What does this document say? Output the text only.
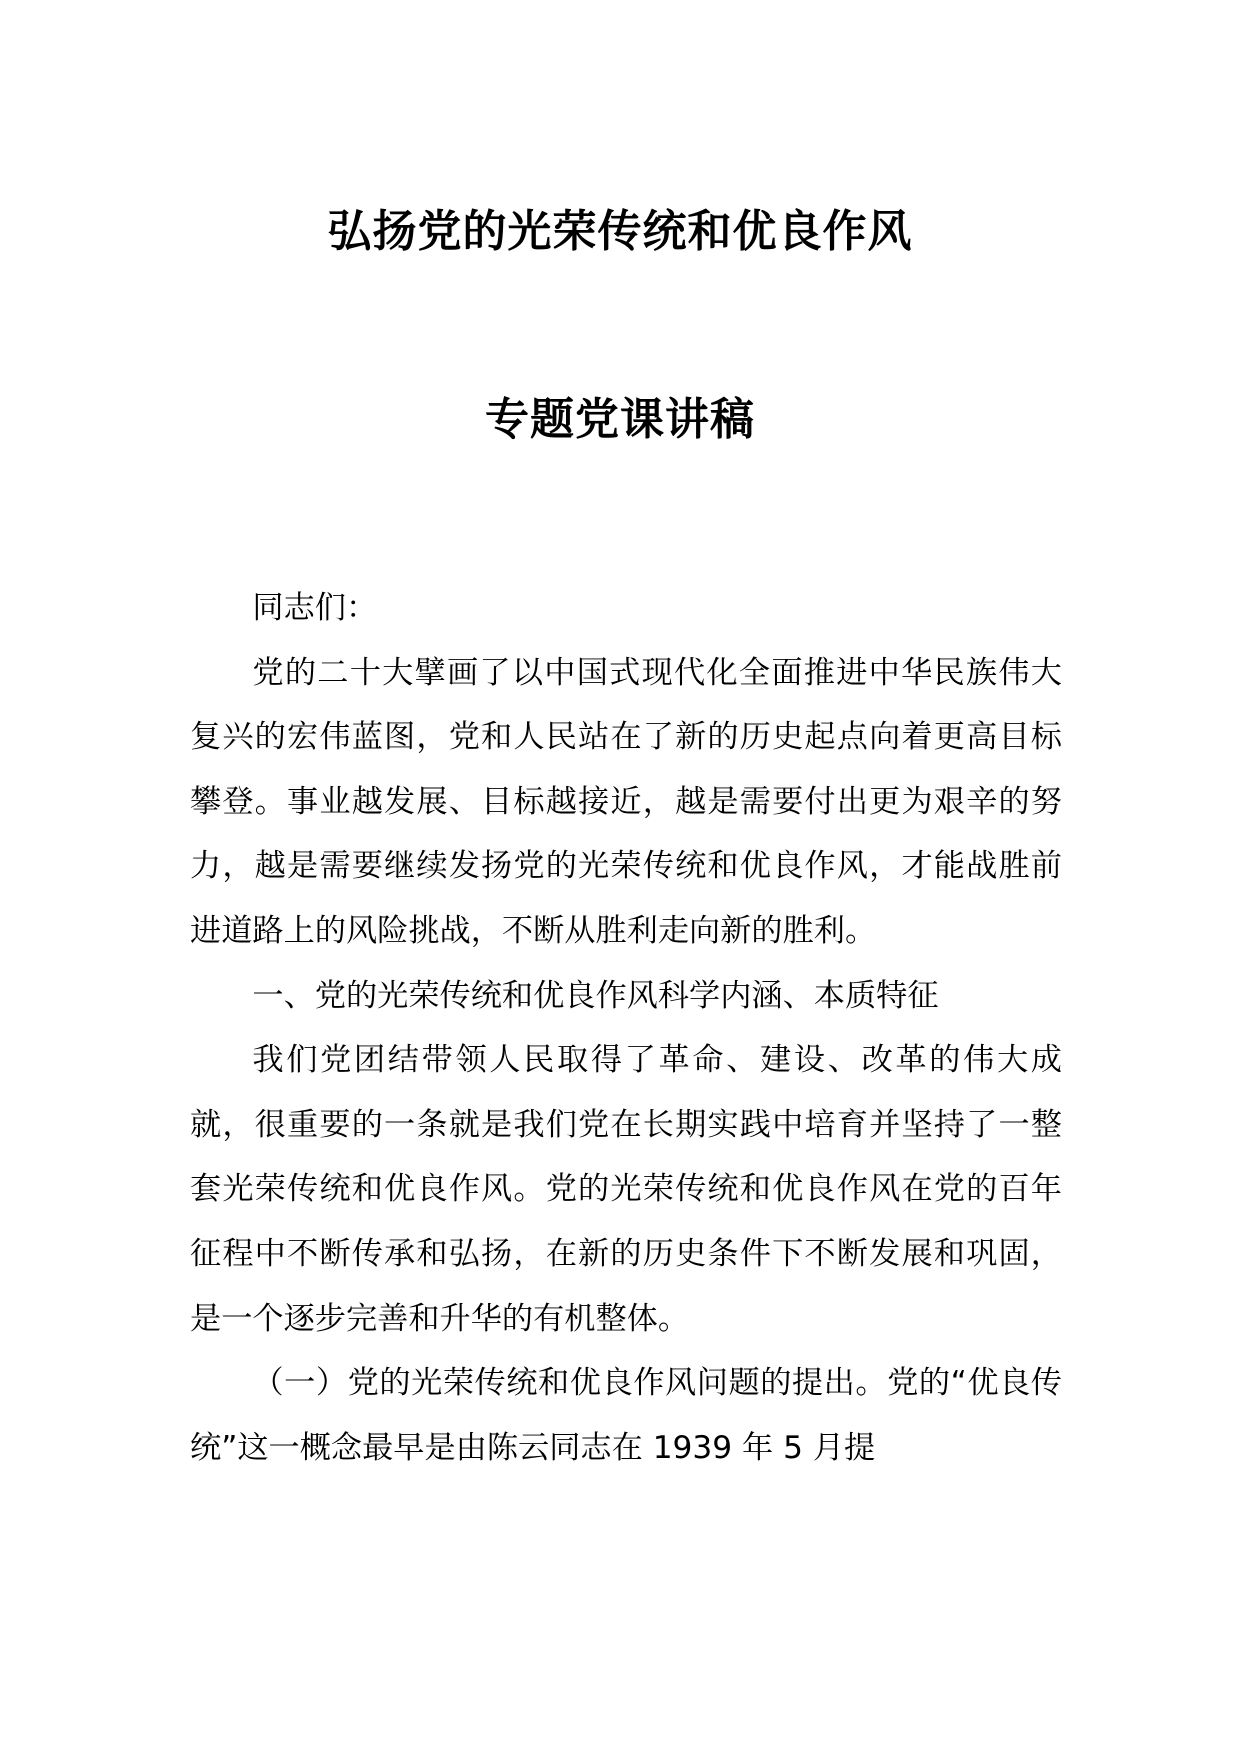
弘扬党的光荣传统和优良作风
专题党课讲稿

同志们：

党的二十大擘画了以中国式现代化全面推进中华民族伟大复兴的宏伟蓝图，党和人民站在了新的历史起点向着更高目标攀登。事业越发展、目标越接近，越是需要付出更为艰辛的努力，越是需要继续发扬党的光荣传统和优良作风，才能战胜前进道路上的风险挑战，不断从胜利走向新的胜利。

一、党的光荣传统和优良作风科学内涵、本质特征

我们党团结带领人民取得了革命、建设、改革的伟大成就，很重要的一条就是我们党在长期实践中培育并坚持了一整套光荣传统和优良作风。党的光荣传统和优良作风在党的百年征程中不断传承和弘扬，在新的历史条件下不断发展和巩固，是一个逐步完善和升华的有机整体。

（一）党的光荣传统和优良作风问题的提出。党的“优良传统”这一概念最早是由陈云同志在 1939 年 5 月提
